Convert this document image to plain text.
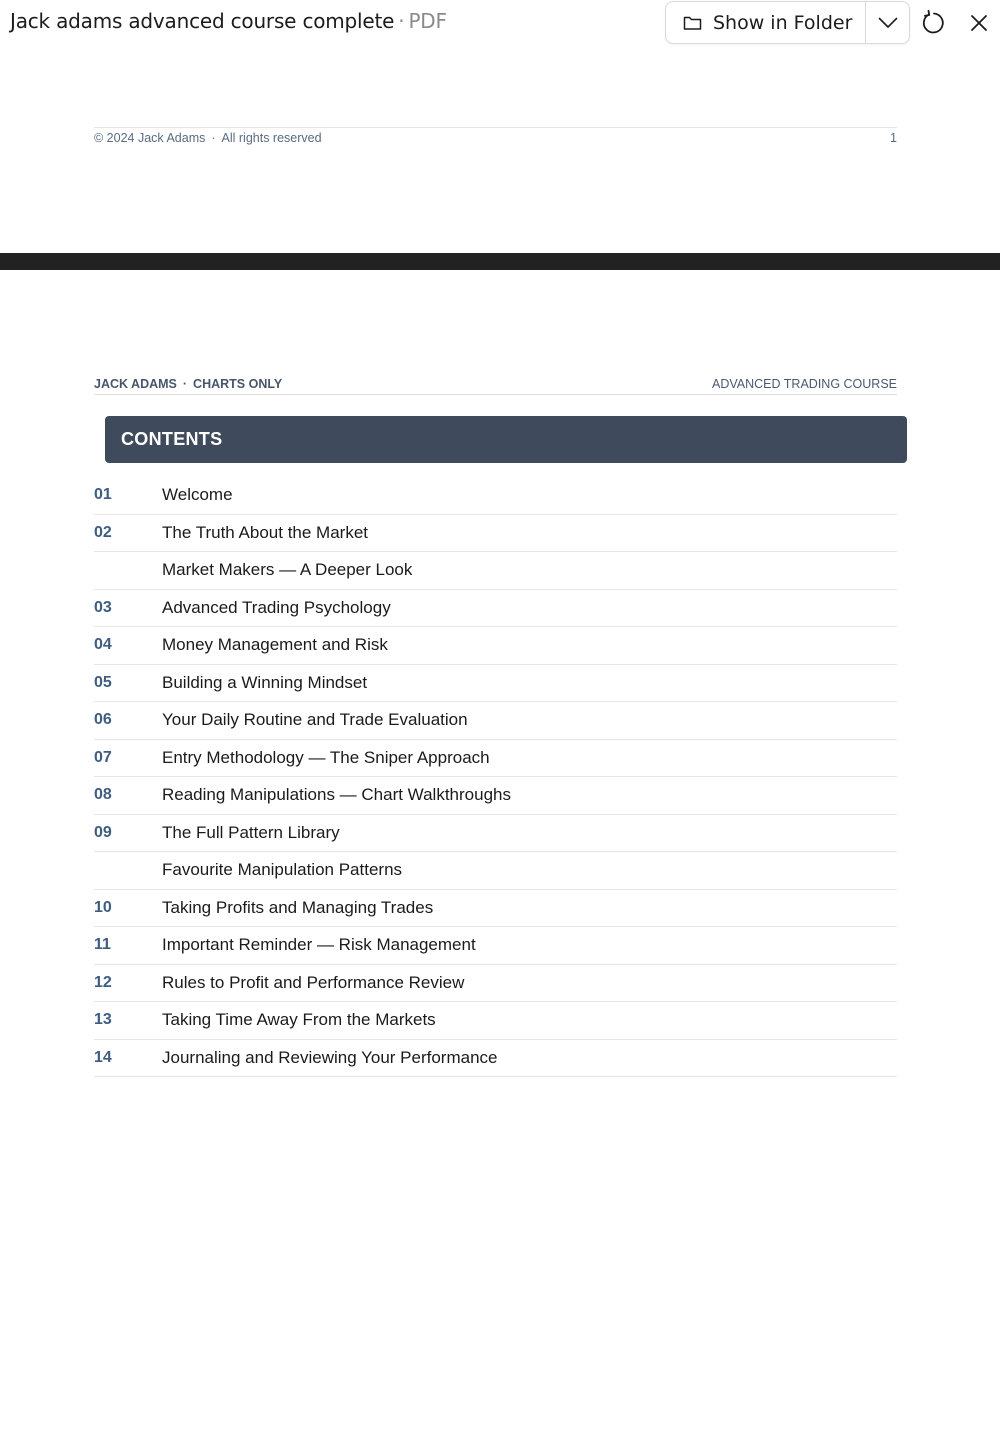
Jack adams advanced course complete · PDF	Show in Folder
© 2024 Jack Adams · All rights reserved	1
JACK ADAMS · CHARTS ONLY	ADVANCED TRADING COURSE
CONTENTS
01	Welcome
02	The Truth About the Market
Market Makers — A Deeper Look
03	Advanced Trading Psychology
04	Money Management and Risk
05	Building a Winning Mindset
06	Your Daily Routine and Trade Evaluation
07	Entry Methodology — The Sniper Approach
08	Reading Manipulations — Chart Walkthroughs
09	The Full Pattern Library
Favourite Manipulation Patterns
10	Taking Profits and Managing Trades
11	Important Reminder — Risk Management
12	Rules to Profit and Performance Review
13	Taking Time Away From the Markets
14	Journaling and Reviewing Your Performance
